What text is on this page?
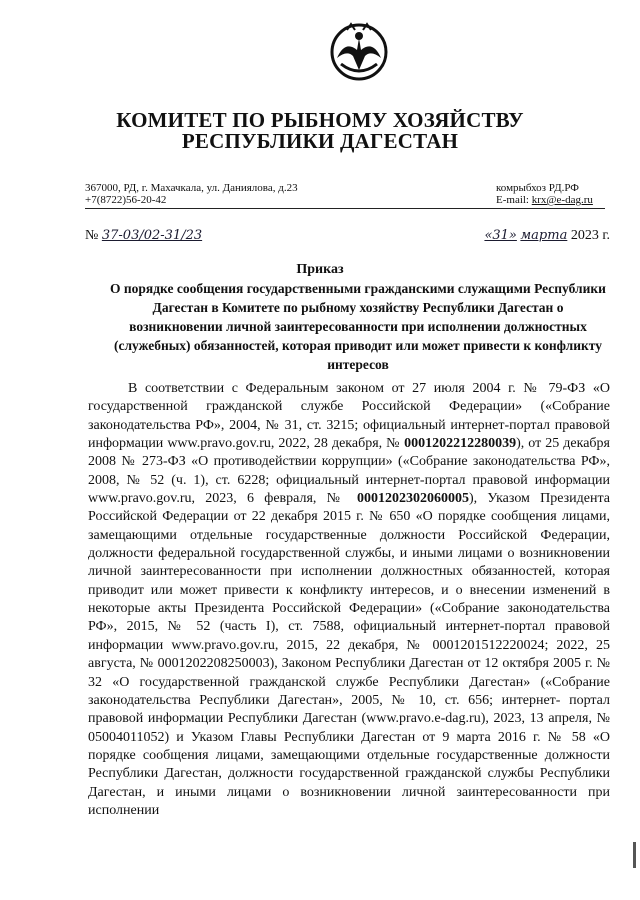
КОМИТЕТ ПО РЫБНОМУ ХОЗЯЙСТВУ
РЕСПУБЛИКИ ДАГЕСТАН
367000, РД, г. Махачкала, ул. Даниялова, д.23
+7(8722)56-20-42
комрыбхоз РД.РФ
E-mail: krx@e-dag.ru
№ 37-03/02-31/23	«31» марта 2023 г.
Приказ

О порядке сообщения государственными гражданскими служащими Республики Дагестан в Комитете по рыбному хозяйству Республики Дагестан о возникновении личной заинтересованности при исполнении должностных (служебных) обязанностей, которая приводит или может привести к конфликту интересов

В соответствии с Федеральным законом от 27 июля 2004 г. № 79-ФЗ «О государственной гражданской службе Российской Федерации» («Собрание законодательства РФ», 2004, № 31, ст. 3215; официальный интернет-портал правовой информации www.pravo.gov.ru, 2022, 28 декабря, № 0001202212280039), от 25 декабря 2008 № 273-ФЗ «О противодействии коррупции» («Собрание законодательства РФ», 2008, № 52 (ч. 1), ст. 6228; официальный интернет-портал правовой информации www.pravo.gov.ru, 2023, 6 февраля, № 0001202302060005), Указом Президента Российской Федерации от 22 декабря 2015 г. № 650 «О порядке сообщения лицами, замещающими отдельные государственные должности Российской Федерации, должности федеральной государственной службы, и иными лицами о возникновении личной заинтересованности при исполнении должностных обязанностей, которая приводит или может привести к конфликту интересов, и о внесении изменений в некоторые акты Президента Российской Федерации» («Собрание законодательства РФ», 2015, № 52 (часть I), ст. 7588, официальный интернет-портал правовой информации www.pravo.gov.ru, 2015, 22 декабря, № 0001201512220024; 2022, 25 августа, № 0001202208250003), Законом Республики Дагестан от 12 октября 2005 г. № 32 «О государственной гражданской службе Республики Дагестан» («Собрание законодательства Республики Дагестан», 2005, № 10, ст. 656; интернет- портал правовой информации Республики Дагестан (www.pravo.e-dag.ru), 2023, 13 апреля, № 05004011052) и Указом Главы Республики Дагестан от 9 марта 2016 г. № 58 «О порядке сообщения лицами, замещающими отдельные государственные должности Республики Дагестан, должности государственной гражданской службы Республики Дагестан, и иными лицами о возникновении личной заинтересованности при исполнении
